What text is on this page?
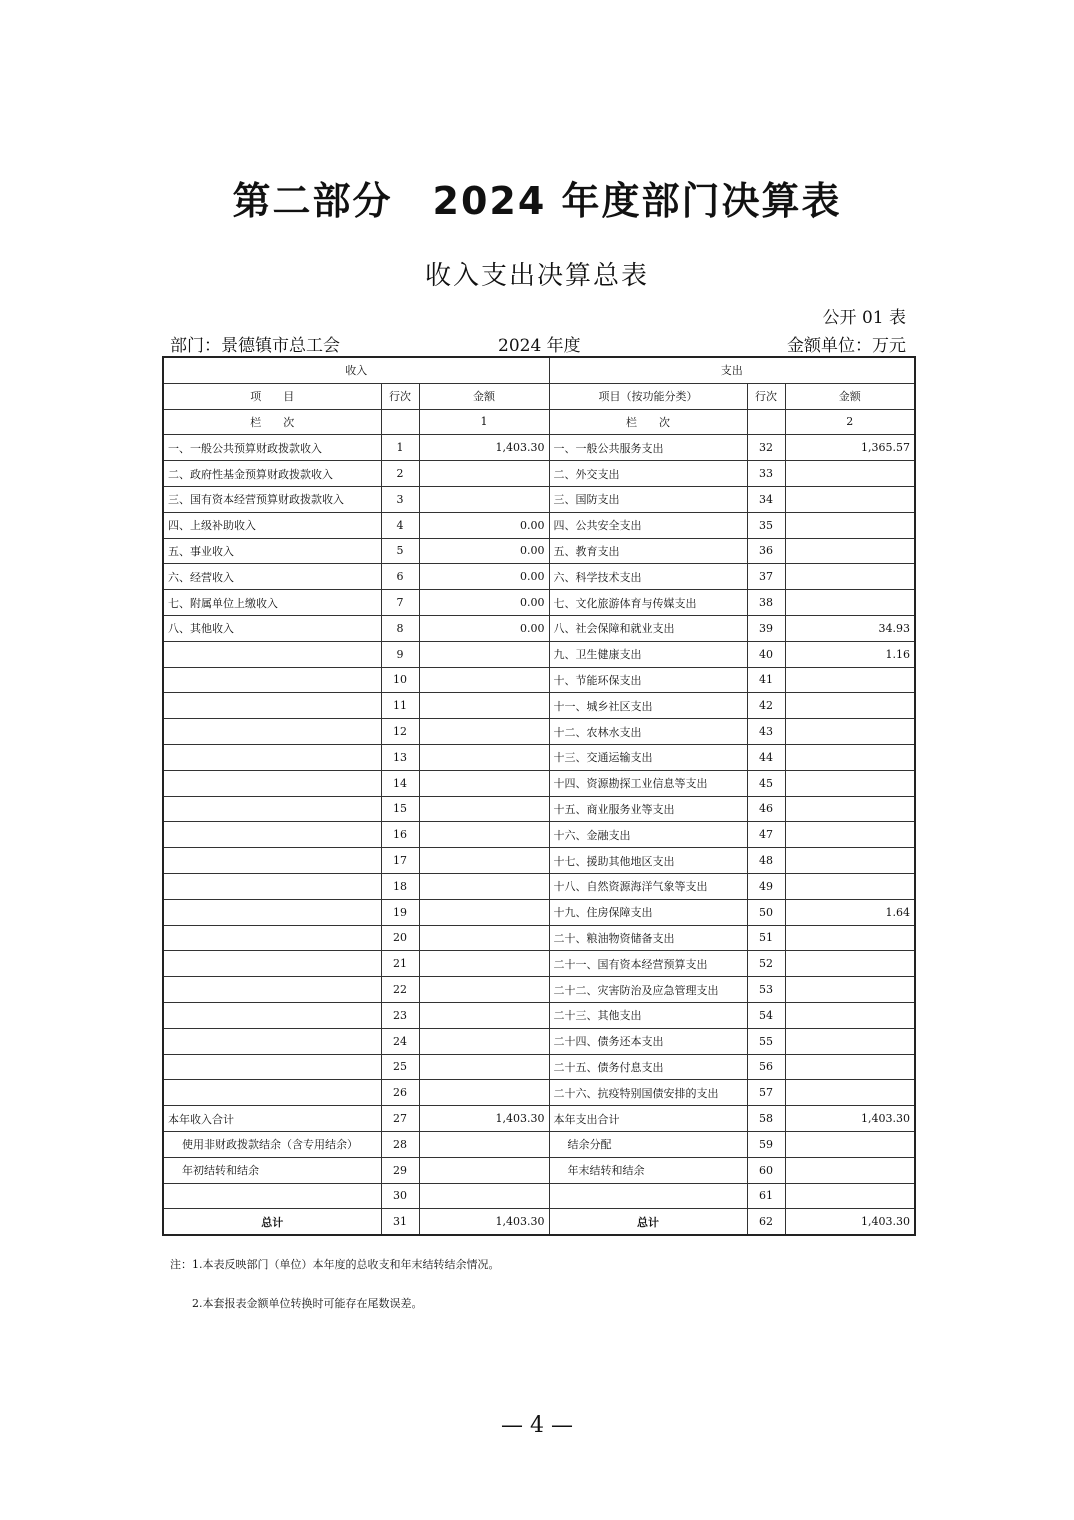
第二部分　2024 年度部门决算表
收入支出决算总表
公开 01 表
部门：景德镇市总工会	2024 年度	金额单位：万元
收入			支出		
项　　目	行次	金额	项目（按功能分类）	行次	金额
栏　　次		1	栏　　次		2
一、一般公共预算财政拨款收入	1	1,403.30	一、一般公共服务支出	32	1,365.57
二、政府性基金预算财政拨款收入	2		二、外交支出	33	
三、国有资本经营预算财政拨款收入	3		三、国防支出	34	
四、上级补助收入	4	0.00	四、公共安全支出	35	
五、事业收入	5	0.00	五、教育支出	36	
六、经营收入	6	0.00	六、科学技术支出	37	
七、附属单位上缴收入	7	0.00	七、文化旅游体育与传媒支出	38	
八、其他收入	8	0.00	八、社会保障和就业支出	39	34.93
	9		九、卫生健康支出	40	1.16
	10		十、节能环保支出	41	
	11		十一、城乡社区支出	42	
	12		十二、农林水支出	43	
	13		十三、交通运输支出	44	
	14		十四、资源勘探工业信息等支出	45	
	15		十五、商业服务业等支出	46	
	16		十六、金融支出	47	
	17		十七、援助其他地区支出	48	
	18		十八、自然资源海洋气象等支出	49	
	19		十九、住房保障支出	50	1.64
	20		二十、粮油物资储备支出	51	
	21		二十一、国有资本经营预算支出	52	
	22		二十二、灾害防治及应急管理支出	53	
	23		二十三、其他支出	54	
	24		二十四、债务还本支出	55	
	25		二十五、债务付息支出	56	
	26		二十六、抗疫特别国债安排的支出	57	
本年收入合计	27	1,403.30	本年支出合计	58	1,403.30
使用非财政拨款结余（含专用结余）	28		结余分配	59	
年初结转和结余	29		年末结转和结余	60	
	30			61	
总计	31	1,403.30	总计	62	1,403.30
注：1.本表反映部门（单位）本年度的总收支和年末结转结余情况。
2.本套报表金额单位转换时可能存在尾数误差。
— 4 —
